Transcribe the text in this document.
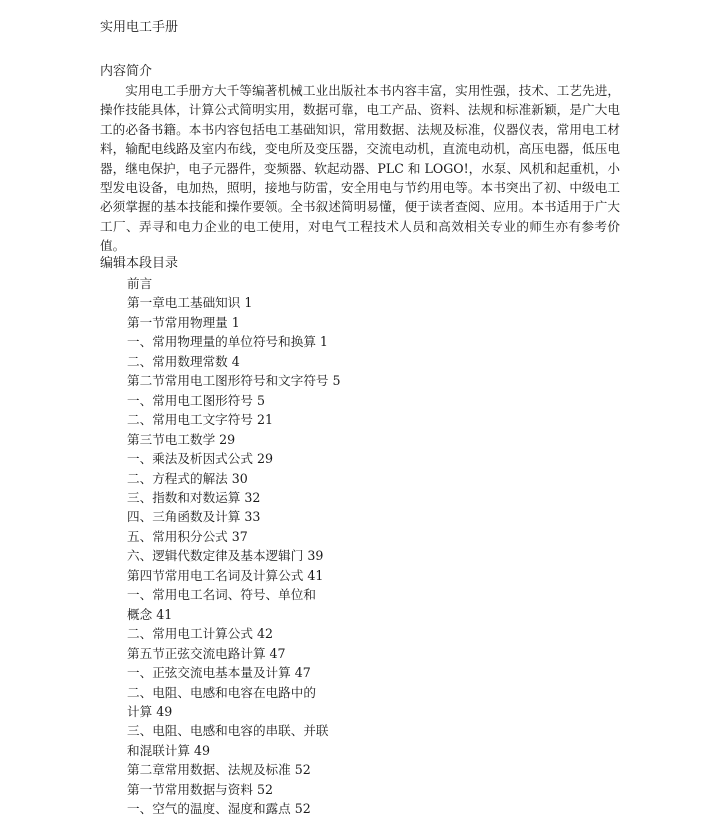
实用电工手册
内容简介

实用电工手册方大千等编著机械工业出版社本书内容丰富，实用性强，技术、工艺先进，操作技能具体，计算公式简明实用，数据可靠，电工产品、资料、法规和标准新颖，是广大电工的必备书籍。本书内容包括电工基础知识，常用数据、法规及标准，仪器仪表，常用电工材料，输配电线路及室内布线，变电所及变压器，交流电动机，直流电动机，高压电器，低压电器，继电保护，电子元器件，变频器、软起动器、PLC 和 LOGO!，水泵、风机和起重机，小型发电设备，电加热，照明，接地与防雷，安全用电与节约用电等。本书突出了初、中级电工必须掌握的基本技能和操作要领。全书叙述简明易懂，便于读者查阅、应用。本书适用于广大工厂、弄寻和电力企业的电工使用，对电气工程技术人员和高效相关专业的师生亦有参考价值。

编辑本段目录
前言
第一章电工基础知识 1
第一节常用物理量 1
一、常用物理量的单位符号和换算 1
二、常用数理常数 4
第二节常用电工图形符号和文字符号 5
一、常用电工图形符号 5
二、常用电工文字符号 21
第三节电工数学 29
一、乘法及析因式公式 29
二、方程式的解法 30
三、指数和对数运算 32
四、三角函数及计算 33
五、常用积分公式 37
六、逻辑代数定律及基本逻辑门 39
第四节常用电工名词及计算公式 41
一、常用电工名词、符号、单位和
概念 41
二、常用电工计算公式 42
第五节正弦交流电路计算 47
一、正弦交流电基本量及计算 47
二、电阻、电感和电容在电路中的
计算 49
三、电阻、电感和电容的串联、并联
和混联计算 49
第二章常用数据、法规及标准 52
第一节常用数据与资料 52
一、空气的温度、湿度和露点 52
